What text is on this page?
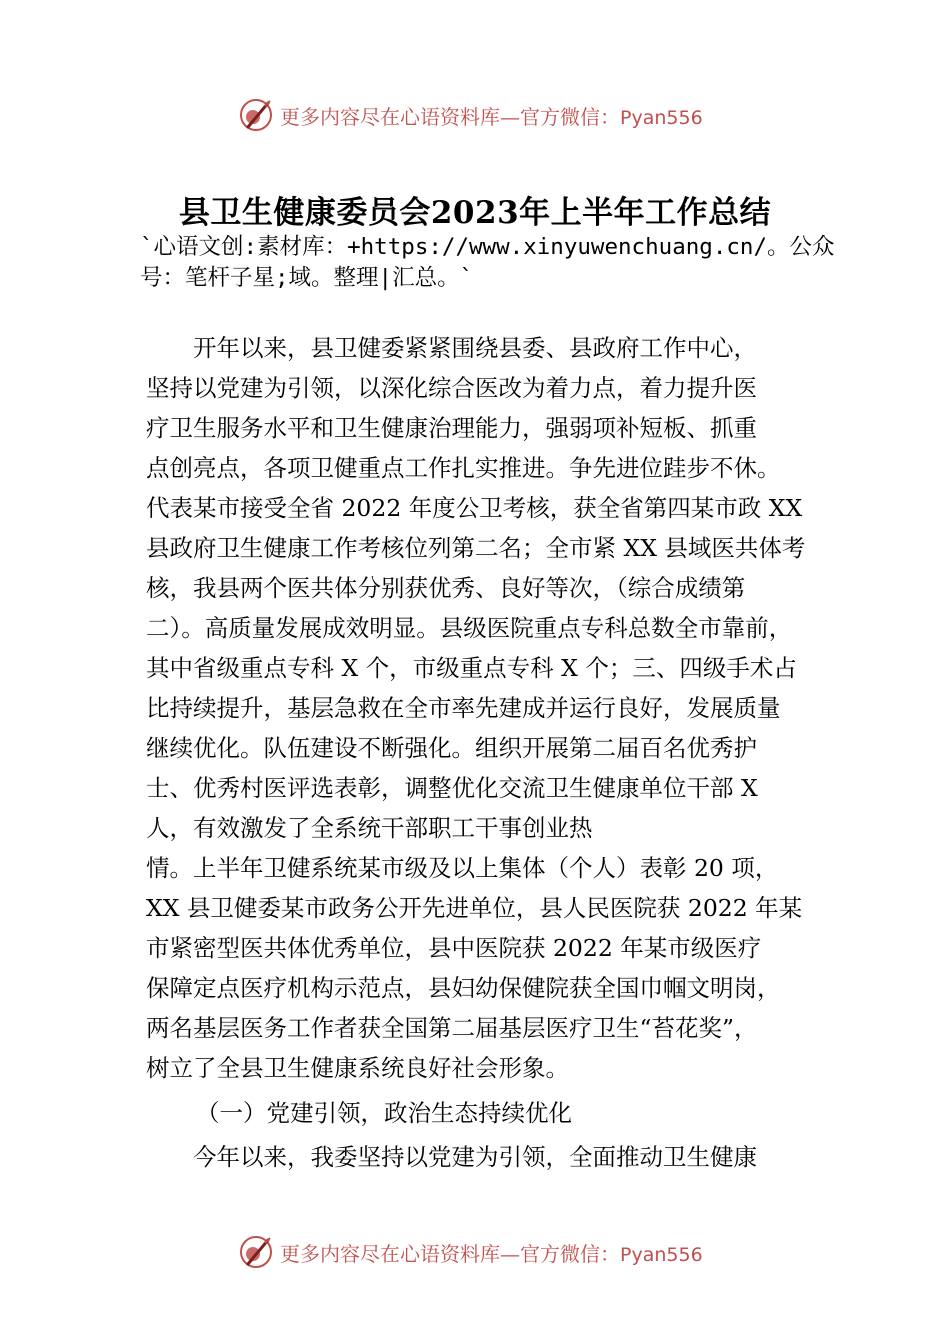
更多内容尽在心语资料库—官方微信：Pyan556
县卫生健康委员会2023年上半年工作总结
`心语文创:素材库：+https://www.xinyuwenchuang.cn/。公众号：笔杆子星;域。整理|汇总。`

　　开年以来，县卫健委紧紧围绕县委、县政府工作中心，
坚持以党建为引领，以深化综合医改为着力点，着力提升医
疗卫生服务水平和卫生健康治理能力，强弱项补短板、抓重
点创亮点，各项卫健重点工作扎实推进。争先进位跬步不休。
代表某市接受全省 2022 年度公卫考核，获全省第四某市政 XX
县政府卫生健康工作考核位列第二名；全市紧 XX 县域医共体考
核，我县两个医共体分别获优秀、良好等次，（综合成绩第
二）。高质量发展成效明显。县级医院重点专科总数全市靠前，
其中省级重点专科 X 个，市级重点专科 X 个；三、四级手术占
比持续提升，基层急救在全市率先建成并运行良好，发展质量
继续优化。队伍建设不断强化。组织开展第二届百名优秀护
士、优秀村医评选表彰，调整优化交流卫生健康单位干部 X
人，有效激发了全系统干部职工干事创业热
情。上半年卫健系统某市级及以上集体（个人）表彰 20 项，
XX 县卫健委某市政务公开先进单位，县人民医院获 2022 年某
市紧密型医共体优秀单位，县中医院获 2022 年某市级医疗
保障定点医疗机构示范点，县妇幼保健院获全国巾帼文明岗，
两名基层医务工作者获全国第二届基层医疗卫生“苔花奖”，
树立了全县卫生健康系统良好社会形象。

（一）党建引领，政治生态持续优化

　　今年以来，我委坚持以党建为引领，全面推动卫生健康

更多内容尽在心语资料库—官方微信：Pyan556
